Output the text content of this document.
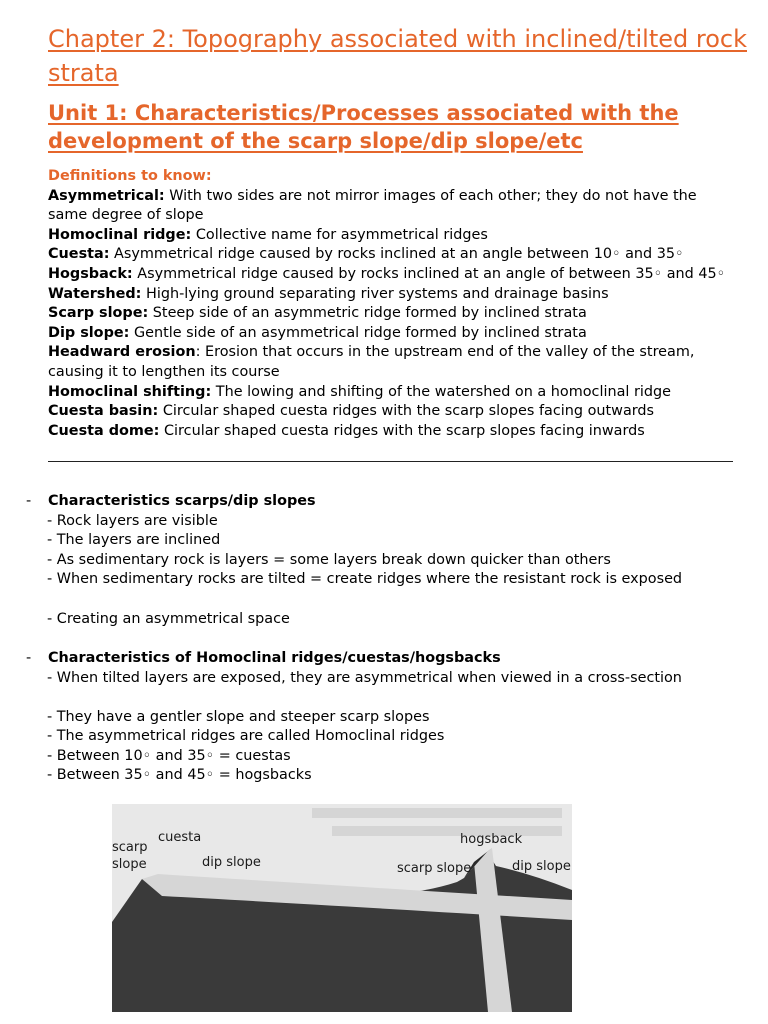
Chapter 2: Topography associated with inclined/tilted rock strata
Unit 1: Characteristics/Processes associated with the development of the scarp slope/dip slope/etc
Definitions to know:
Asymmetrical: With two sides are not mirror images of each other; they do not have the same degree of slope
Homoclinal ridge: Collective name for asymmetrical ridges
Cuesta: Asymmetrical ridge caused by rocks inclined at an angle between 10◦ and 35◦
Hogsback: Asymmetrical ridge caused by rocks inclined at an angle of between 35◦ and 45◦
Watershed: High-lying ground separating river systems and drainage basins
Scarp slope: Steep side of an asymmetric ridge formed by inclined strata
Dip slope: Gentle side of an asymmetrical ridge formed by inclined strata
Headward erosion: Erosion that occurs in the upstream end of the valley of the stream, causing it to lengthen its course
Homoclinal shifting: The lowing and shifting of the watershed on a homoclinal ridge
Cuesta basin: Circular shaped cuesta ridges with the scarp slopes facing outwards
Cuesta dome: Circular shaped cuesta ridges with the scarp slopes facing inwards
- Characteristics scarps/dip slopes
- Rock layers are visible
- The layers are inclined
- As sedimentary rock is layers = some layers break down quicker than others
- When sedimentary rocks are tilted = create ridges where the resistant rock is exposed
- Creating an asymmetrical space
- Characteristics of Homoclinal ridges/cuestas/hogsbacks
- When tilted layers are exposed, they are asymmetrical when viewed in a cross-section
- They have a gentler slope and steeper scarp slopes
- The asymmetrical ridges are called Homoclinal ridges
- Between 10◦ and 35◦ = cuestas
- Between 35◦ and 45◦ = hogsbacks
scarp
slope
cuesta
dip slope
hogsback
scarp slope	dip slope
